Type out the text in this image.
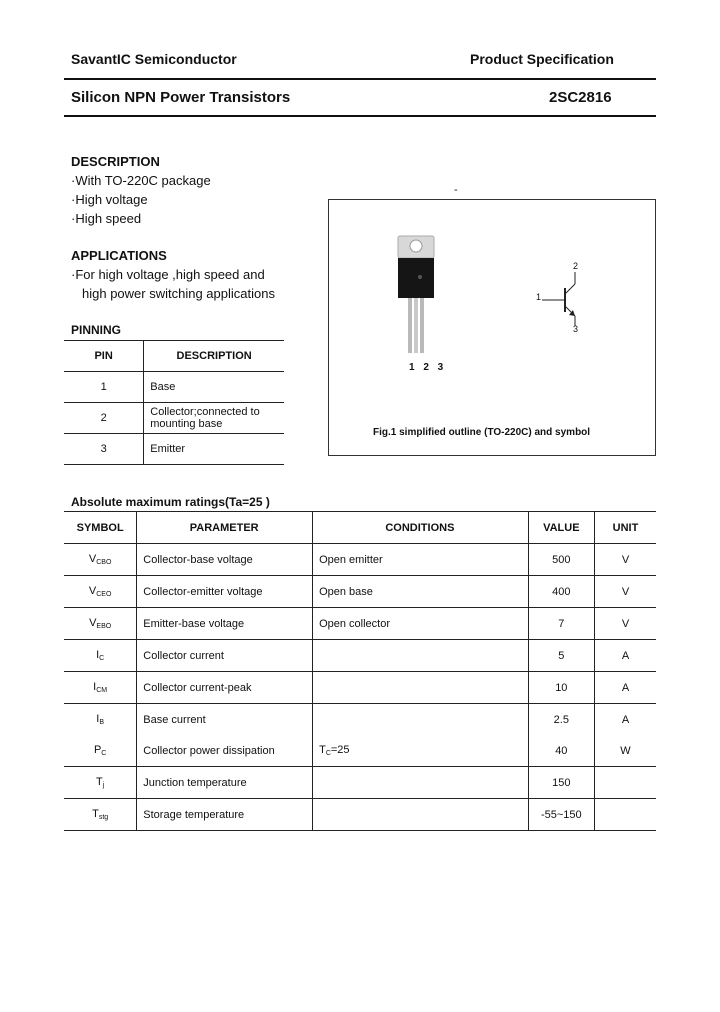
SavantIC Semiconductor	Product Specification
Silicon NPN Power Transistors	2SC2816
DESCRIPTION
·With TO-220C package
·High voltage
·High speed
APPLICATIONS
·For high voltage ,high speed and
high power switching applications
PINNING
PIN	DESCRIPTION
1	Base
2	Collector;connected to mounting base
3	Emitter
-
1 2 3
1
2
3
Fig.1 simplified outline (TO-220C) and symbol
Absolute maximum ratings(Ta=25 )
SYMBOL	PARAMETER	CONDITIONS	VALUE	UNIT
$V_{CBO}$	Collector-base voltage	Open emitter	500	V
$V_{CEO}$	Collector-emitter voltage	Open base	400	V
$V_{EBO}$	Emitter-base voltage	Open collector	7	V
$I_C$	Collector current		5	A
$I_{CM}$	Collector current-peak		10	A
$I_B$	Base current		2.5	A
$P_C$	Collector power dissipation	$T_C=25$	40	W
$T_j$	Junction temperature		150	
$T_{stg}$	Storage temperature		-55~150	
